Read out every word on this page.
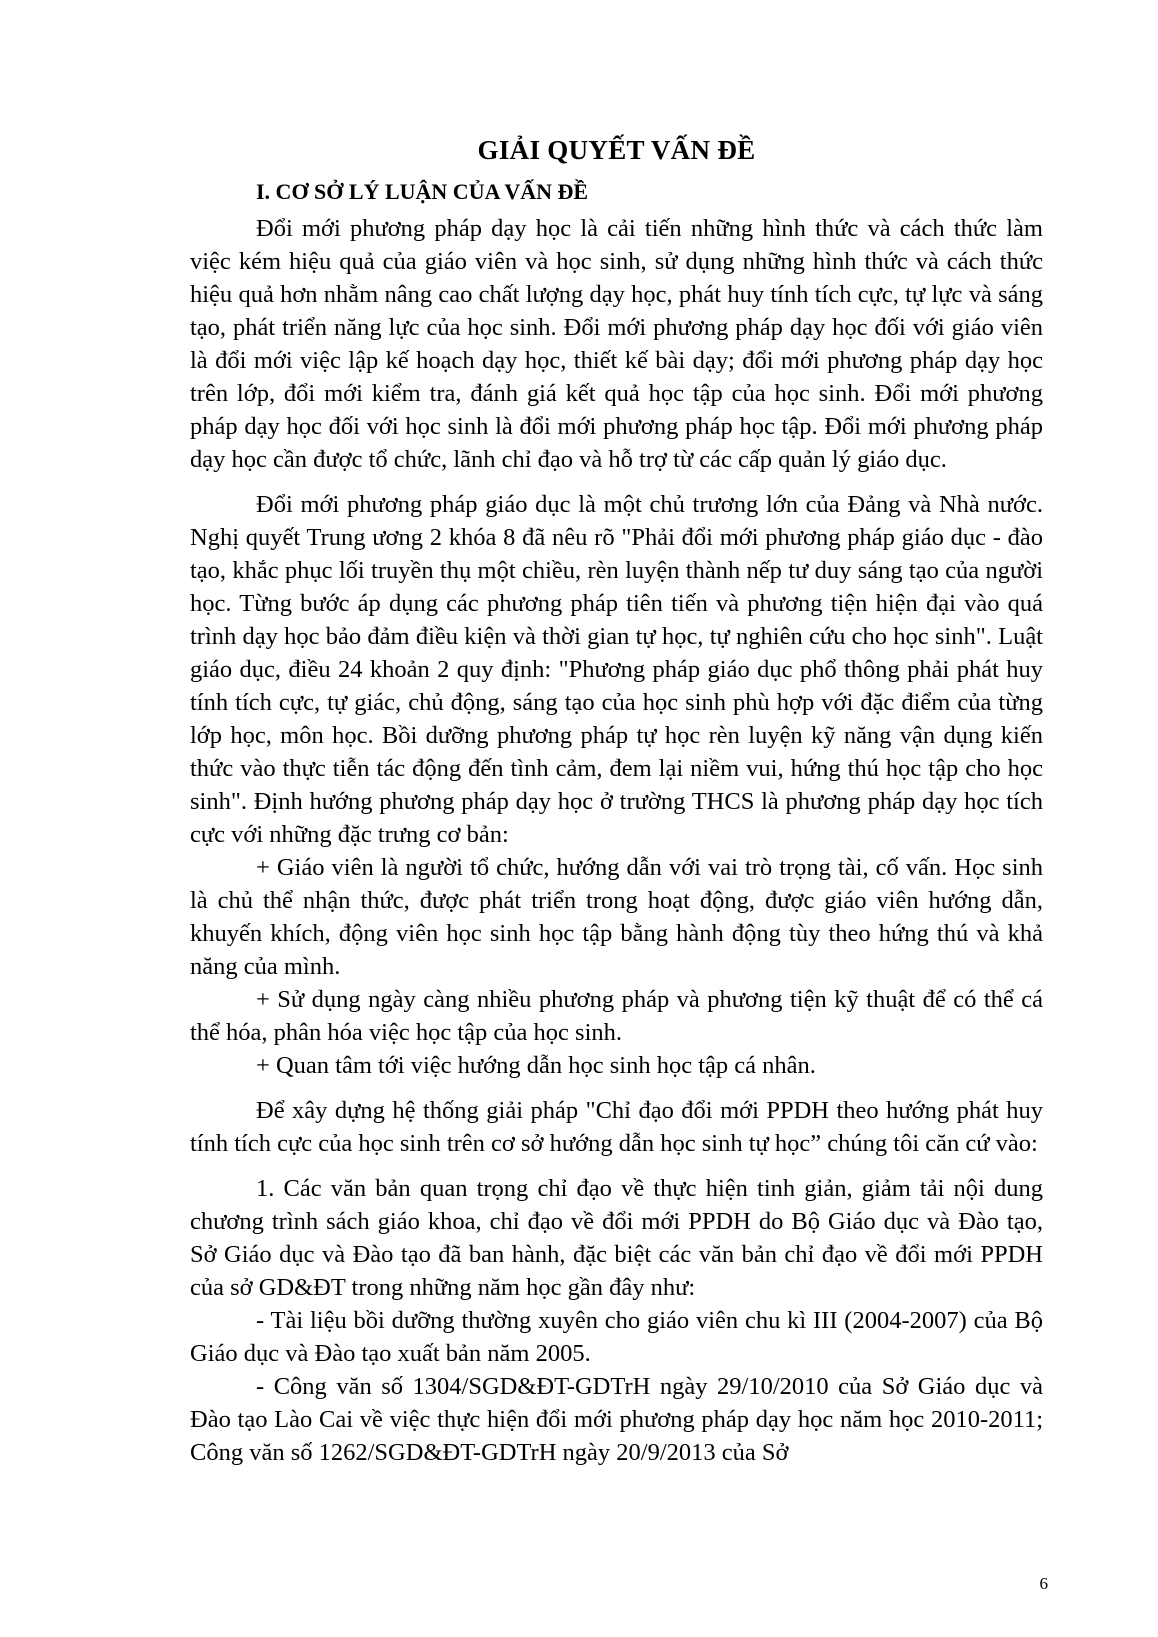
GIẢI QUYẾT VẤN ĐỀ
I. CƠ SỞ LÝ LUẬN CỦA VẤN ĐỀ

Đổi mới phương pháp dạy học là cải tiến những hình thức và cách thức làm việc kém hiệu quả của giáo viên và học sinh, sử dụng những hình thức và cách thức hiệu quả hơn nhằm nâng cao chất lượng dạy học, phát huy tính tích cực, tự lực và sáng tạo, phát triển năng lực của học sinh. Đổi mới phương pháp dạy học đối với giáo viên là đổi mới việc lập kế hoạch dạy học, thiết kế bài dạy; đổi mới phương pháp dạy học trên lớp, đổi mới kiểm tra, đánh giá kết quả học tập của học sinh. Đổi mới phương pháp dạy học đối với học sinh là đổi mới phương pháp học tập. Đổi mới phương pháp dạy học cần được tổ chức, lãnh chỉ đạo và hỗ trợ từ các cấp quản lý giáo dục.

Đổi mới phương pháp giáo dục là một chủ trương lớn của Đảng và Nhà nước. Nghị quyết Trung ương 2 khóa 8 đã nêu rõ "Phải đổi mới phương pháp giáo dục - đào tạo, khắc phục lối truyền thụ một chiều, rèn luyện thành nếp tư duy sáng tạo của người học. Từng bước áp dụng các phương pháp tiên tiến và phương tiện hiện đại vào quá trình dạy học bảo đảm điều kiện và thời gian tự học, tự nghiên cứu cho học sinh". Luật giáo dục, điều 24 khoản 2 quy định: "Phương pháp giáo dục phổ thông phải phát huy tính tích cực, tự giác, chủ động, sáng tạo của học sinh phù hợp với đặc điểm của từng lớp học, môn học. Bồi dưỡng phương pháp tự học rèn luyện kỹ năng vận dụng kiến thức vào thực tiễn tác động đến tình cảm, đem lại niềm vui, hứng thú học tập cho học sinh". Định hướng phương pháp dạy học ở trường THCS là phương pháp dạy học tích cực với những đặc trưng cơ bản:

+ Giáo viên là người tổ chức, hướng dẫn với vai trò trọng tài, cố vấn. Học sinh là chủ thể nhận thức, được phát triển trong hoạt động, được giáo viên hướng dẫn, khuyến khích, động viên học sinh học tập bằng hành động tùy theo hứng thú và khả năng của mình.

+ Sử dụng ngày càng nhiều phương pháp và phương tiện kỹ thuật để có thể cá thể hóa, phân hóa việc học tập của học sinh.

+ Quan tâm tới việc hướng dẫn học sinh học tập cá nhân.

Để xây dựng hệ thống giải pháp "Chỉ đạo đổi mới PPDH theo hướng phát huy tính tích cực của học sinh trên cơ sở hướng dẫn học sinh tự học” chúng tôi căn cứ vào:

1. Các văn bản quan trọng chỉ đạo về thực hiện tinh giản, giảm tải nội dung chương trình sách giáo khoa, chỉ đạo về đổi mới PPDH do Bộ Giáo dục và Đào tạo, Sở Giáo dục và Đào tạo đã ban hành, đặc biệt các văn bản chỉ đạo về đổi mới PPDH của sở GD&ĐT trong những năm học gần đây như:

- Tài liệu bồi dưỡng thường xuyên cho giáo viên chu kì III (2004-2007) của Bộ Giáo dục và Đào tạo xuất bản năm 2005.

- Công văn số 1304/SGD&ĐT-GDTrH ngày 29/10/2010 của Sở Giáo dục và Đào tạo Lào Cai về việc thực hiện đổi mới phương pháp dạy học năm học 2010-2011; Công văn số 1262/SGD&ĐT-GDTrH ngày 20/9/2013 của Sở

6
